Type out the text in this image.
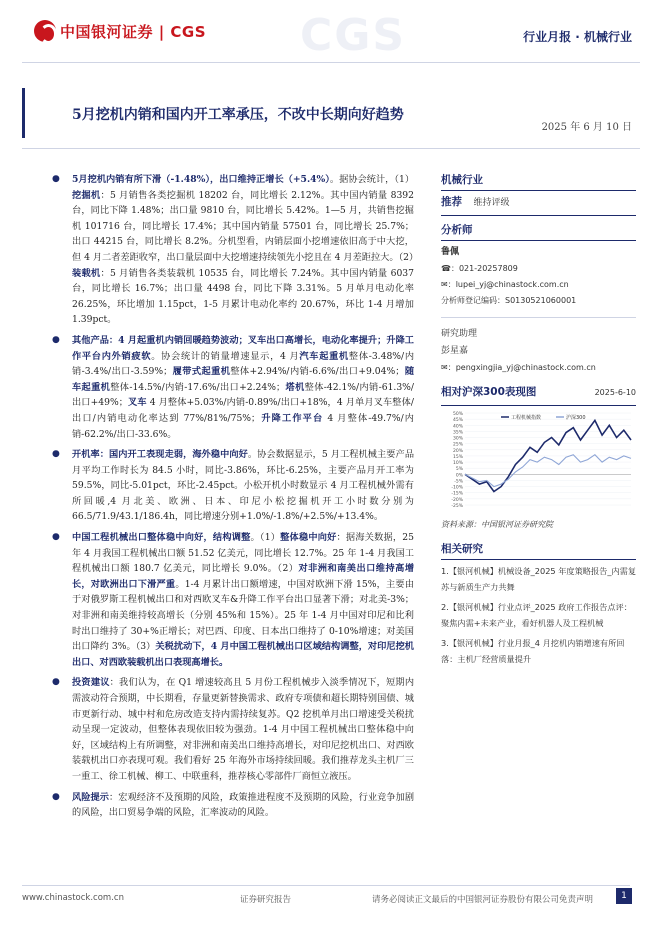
CGS
中国银河证券 | CGS	行业月报 · 机械行业
5月挖机内销和国内开工率承压，不改中长期向好趋势
2025 年 6 月 10 日

● 5月挖机内销有所下滑（-1.48%），出口维持正增长（+5.4%）。据协会统计，（1）挖掘机：5 月销售各类挖掘机 18202 台，同比增长 2.12%。其中国内销量 8392 台，同比下降 1.48%；出口量 9810 台，同比增长 5.42%。1—5 月，共销售挖掘机 101716 台，同比增长 17.4%；其中国内销量 57501 台，同比增长 25.7%；出口 44215 台，同比增长 8.2%。分机型看，内销层面小挖增速依旧高于中大挖，但 4 月二者差距收窄，出口量层面中大挖增速持续领先小挖且在 4 月差距拉大。（2）装载机：5 月销售各类装载机 10535 台，同比增长 7.24%。其中国内销量 6037 台，同比增长 16.7%；出口量 4498 台，同比下降 3.31%。5 月单月电动化率 26.25%，环比增加 1.15pct，1-5 月累计电动化率约 20.67%，环比 1-4 月增加 1.39pct。

● 其他产品：4 月起重机内销回暖趋势波动；叉车出口高增长，电动化率提升；升降工作平台内外销疲软。协会统计的销量增速显示，4 月汽车起重机整体-3.48%/内销-3.4%/出口-3.59%；履带式起重机整体+2.94%/内销-6.6%/出口+9.04%；随车起重机整体-14.5%/内销-17.6%/出口+2.24%；塔机整体-42.1%/内销-61.3%/出口+49%；叉车 4 月整体+5.03%/内销-0.89%/出口+18%，4 月单月叉车整体/出口/内销电动化率达到 77%/81%/75%；升降工作平台 4 月整体-49.7%/内销-62.2%/出口-33.6%。

● 开机率：国内开工表现走弱，海外稳中向好。协会数据显示，5 月工程机械主要产品月平均工作时长为 84.5 小时，同比-3.86%，环比-6.25%，主要产品月开工率为 59.5%，同比-5.01pct，环比-2.45pct。小松开机小时数显示 4 月工程机械外需有所回暖,4 月北美、欧洲、日本、印尼小松挖掘机开工小时数分别为 66.5/71.9/43.1/186.4h，同比增速分别+1.0%/-1.8%/+2.5%/+13.4%。

● 中国工程机械出口整体稳中向好，结构调整。（1）整体稳中向好：据海关数据，25 年 4 月我国工程机械出口额 51.52 亿美元，同比增长 12.7%。25 年 1-4 月我国工程机械出口额 180.7 亿美元，同比增长 9.0%。（2）对非洲和南美出口维持高增长，对欧洲出口下滑严重。1-4 月累计出口额增速，中国对欧洲下滑 15%，主要由于对俄罗斯工程机械出口和对西欧叉车&升降工作平台出口显著下滑；对北美-3%；对非洲和南美维持较高增长（分别 45%和 15%）。25 年 1-4 月中国对印尼和比利时出口维持了 30+%正增长；对巴西、印度、日本出口维持了 0-10%增速；对美国出口降约 3%。（3）关税扰动下，4 月中国工程机械出口区域结构调整，对印尼挖机出口、对西欧装载机出口表现高增长。

● 投资建议：我们认为，在 Q1 增速较高且 5 月份工程机械步入淡季情况下，短期内需波动符合预期，中长期看，存量更新替换需求、政府专项债和超长期特别国债、城市更新行动、城中村和危房改造支持内需持续复苏。Q2 挖机单月出口增速受关税扰动呈现一定波动，但整体表现依旧较为强劲。1-4 月中国工程机械出口整体稳中向好，区域结构上有所调整，对非洲和南美出口维持高增长，对印尼挖机出口、对西欧装载机出口亦表现可观。我们看好 25 年海外市场持续回暖。我们推荐龙头主机厂三一重工、徐工机械、柳工、中联重科，推荐核心零部件厂商恒立液压。

● 风险提示：宏观经济不及预期的风险，政策推进程度不及预期的风险，行业竞争加剧的风险，出口贸易争端的风险，汇率波动的风险。

机械行业
推荐 维持评级
分析师
鲁佩
☎：021-20257809
✉：lupei_yj@chinastock.com.cn
分析师登记编码：S0130521060001
研究助理
彭星嘉
✉：pengxingjia_yj@chinastock.com.cn
相对沪深300表现图	2025-6-10
50%
45%
40%
35%
30%
25%
20%
15%
10%
5%
0%
-5%
-10%
-15%
-20%
-25%
工程机械指数	沪深300
资料来源：中国银河证券研究院
相关研究
1.【银河机械】机械设备_2025 年度策略报告_内需复苏与新质生产力共舞
2.【银河机械】行业点评_2025 政府工作报告点评：聚焦内需+未来产业，看好机器人及工程机械
3.【银河机械】行业月报_4 月挖机内销增速有所回落：主机厂经营质量提升
www.chinastock.com.cn	证券研究报告	请务必阅读正文最后的中国银河证券股份有限公司免责声明	1
